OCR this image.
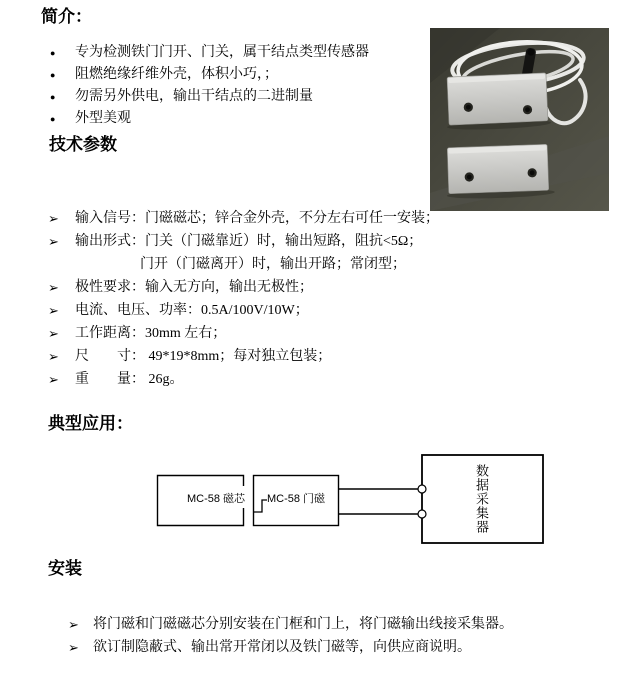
简介：
技术参数
典型应用：
安装
●	专为检测铁门门开、门关，属干结点类型传感器
●	阻燃绝缘纤维外壳，体积小巧，；
●	勿需另外供电，输出干结点的二进制量
●	外型美观
➢	输入信号：门磁磁芯；锌合金外壳，不分左右可任一安装；
➢	输出形式：门关（门磁靠近）时，输出短路，阻抗<5Ω；
门开（门磁离开）时，输出开路；常闭型；
➢	极性要求：输入无方向，输出无极性；
➢	电流、电压、功率：0.5A/100V/10W；
➢	工作距离：30mm 左右；
➢	尺　　寸： 49*19*8mm；每对独立包装；
➢	重　　量： 26g。
MC-58 磁芯 MC-58 门磁	数据采集器
➢	将门磁和门磁磁芯分别安装在门框和门上，将门磁输出线接采集器。
➢	欲订制隐蔽式、输出常开常闭以及铁门磁等，向供应商说明。
